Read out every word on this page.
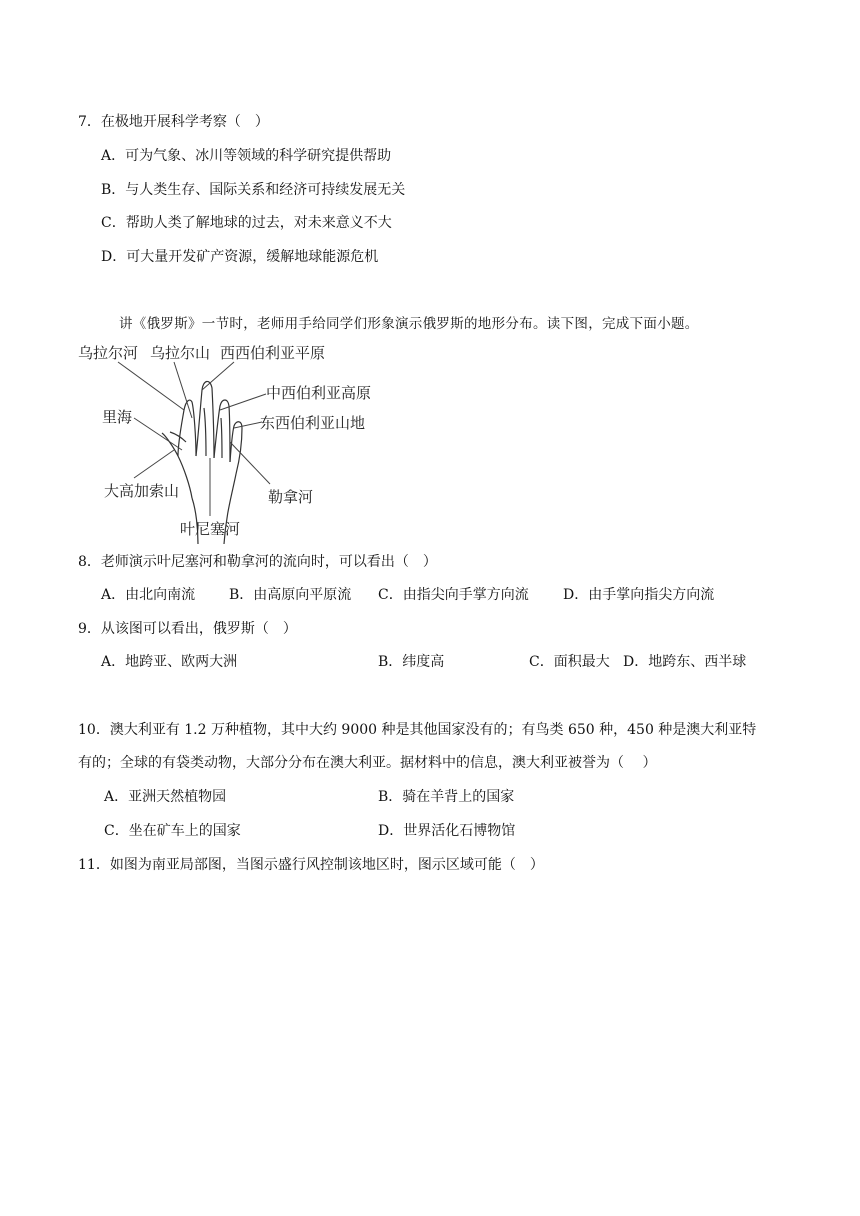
7．在极地开展科学考察（　）
A．可为气象、冰川等领域的科学研究提供帮助
B．与人类生存、国际关系和经济可持续发展无关
C．帮助人类了解地球的过去，对未来意义不大
D．可大量开发矿产资源，缓解地球能源危机
讲《俄罗斯》一节时，老师用手给同学们形象演示俄罗斯的地形分布。读下图，完成下面小题。
乌拉尔河 乌拉尔山 西西伯利亚平原
中西伯利亚高原
东西伯利亚山地
里海
大高加索山	勒拿河
叶尼塞河
8．老师演示叶尼塞河和勒拿河的流向时，可以看出（　）
A．由北向南流 B．由高原向平原流 C．由指尖向手掌方向流 D．由手掌向指尖方向流
9．从该图可以看出，俄罗斯（　）
A．地跨亚、欧两大洲	B．纬度高	C．面积最大 D．地跨东、西半球
10．澳大利亚有 1.2 万种植物，其中大约 9000 种是其他国家没有的；有鸟类 650 种，450 种是澳大利亚特
有的；全球的有袋类动物，大部分分布在澳大利亚。据材料中的信息，澳大利亚被誉为（　 ）
A．亚洲天然植物园	B．骑在羊背上的国家
C．坐在矿车上的国家	D．世界活化石博物馆
11．如图为南亚局部图，当图示盛行风控制该地区时，图示区域可能（　）
